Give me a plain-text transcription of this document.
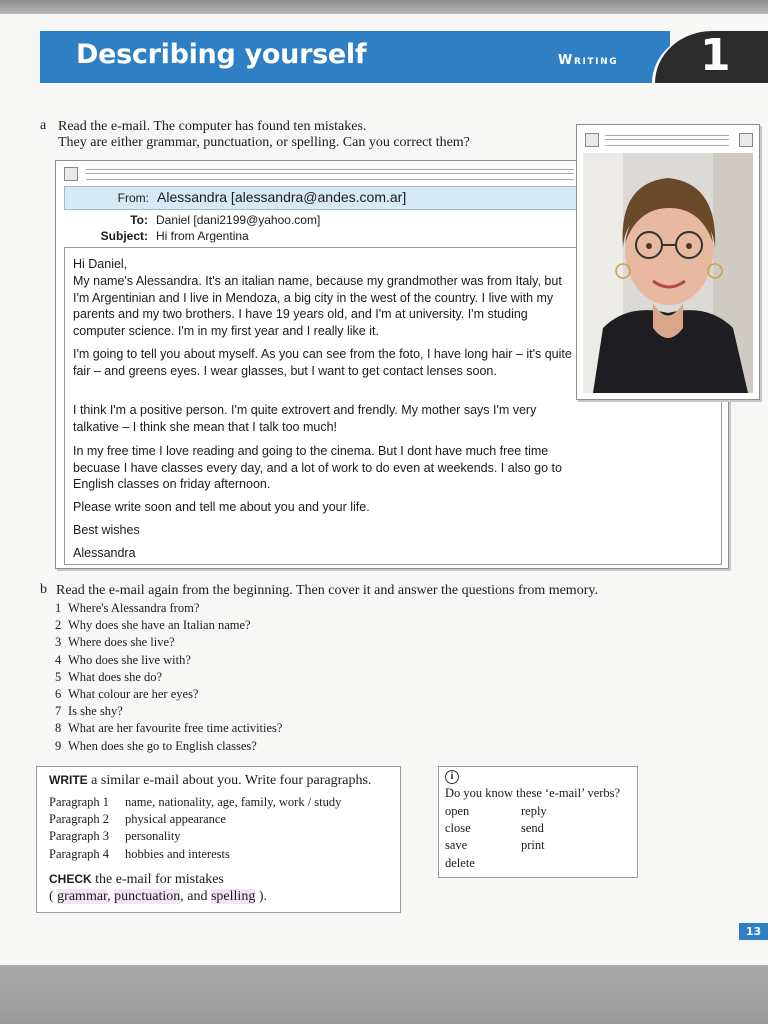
Describing yourself	Writing 1
a Read the e-mail. The computer has found ten mistakes.
They are either grammar, punctuation, or spelling. Can you correct them?
From: Alessandra [alessandra@andes.com.ar]
To: Daniel [dani2199@yahoo.com]
Subject: Hi from Argentina
Hi Daniel,
My name's Alessandra. It's an italian name, because my grandmother was from Italy, but I'm Argentinian and I live in Mendoza, a big city in the west of the country. I live with my parents and my two brothers. I have 19 years old, and I'm at university. I'm studing computer science. I'm in my first year and I really like it.
I'm going to tell you about myself. As you can see from the foto, I have long hair – it's quite fair – and greens eyes. I wear glasses, but I want to get contact lenses soon.
I think I'm a positive person. I'm quite extrovert and frendly. My mother says I'm very talkative – I think she mean that I talk too much!
In my free time I love reading and going to the cinema. But I dont have much free time becuase I have classes every day, and a lot of work to do even at weekends. I also go to English classes on friday afternoon.
Please write soon and tell me about you and your life.
Best wishes
Alessandra
b Read the e-mail again from the beginning. Then cover it and answer the questions from memory.
1 Where's Alessandra from?
2 Why does she have an Italian name?
3 Where does she live?
4 Who does she live with?
5 What does she do?
6 What colour are her eyes?
7 Is she shy?
8 What are her favourite free time activities?
9 When does she go to English classes?
WRITE a similar e-mail about you. Write four paragraphs.
Paragraph 1 name, nationality, age, family, work / study
Paragraph 2 physical appearance
Paragraph 3 personality
Paragraph 4 hobbies and interests
CHECK the e-mail for mistakes
( grammar, punctuation, and spelling ).
i
Do you know these ‘e-mail’ verbs?
open
close
save
delete
reply
send
print
13
